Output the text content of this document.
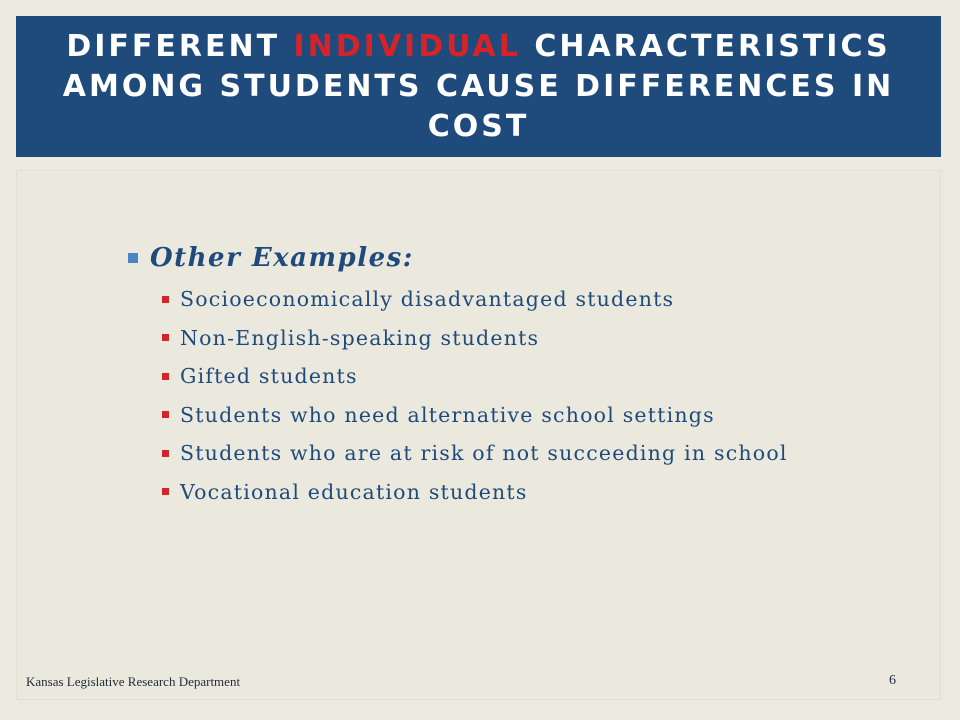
DIFFERENT INDIVIDUAL CHARACTERISTICS AMONG STUDENTS CAUSE DIFFERENCES IN COST
Other Examples:
Socioeconomically disadvantaged students
Non-English-speaking students
Gifted students
Students who need alternative school settings
Students who are at risk of not succeeding in school
Vocational education students
Kansas Legislative Research Department	6
